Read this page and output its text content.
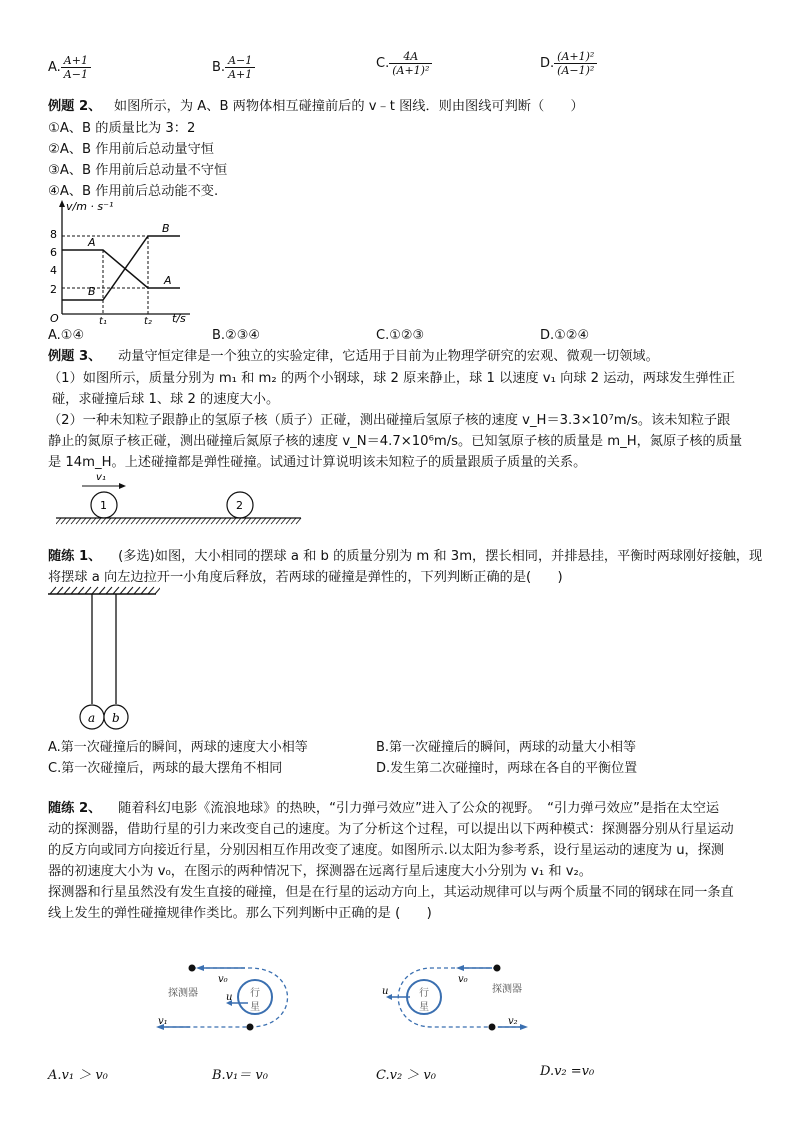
A. $\frac{A+1}{A-1}$	B. $\frac{A-1}{A+1}$	C. $\frac{4A}{\text{(A+1)²}}$	D. $\frac{\text{(A+1)²}}{\text{(A−1)²}}$
例题 2、 如图所示，为 A、B 两物体相互碰撞前后的 v﹣t 图线．则由图线可判断（　　）
①A、B 的质量比为 3：2
②A、B 作用前后总动量守恒
③A、B 作用前后总动量不守恒
④A、B 作用前后总动能不变.
v/m · s⁻¹
t/s
O
8
6
4
2
A
B
B
A
t₁	t₂
A.①④	B.②③④	C.①②③	D.①②④
例题 3、 动量守恒定律是一个独立的实验定律，它适用于目前为止物理学研究的宏观、微观一切领域。
（1）如图所示，质量分别为 m₁ 和 m₂ 的两个小钢球，球 2 原来静止，球 1 以速度 v₁ 向球 2 运动，两球发生弹性正
碰，求碰撞后球 1、球 2 的速度大小。
（2）一种未知粒子跟静止的氢原子核（质子）正碰，测出碰撞后氢原子核的速度 v_H＝3.3×10⁷m/s。该未知粒子跟
静止的氮原子核正碰，测出碰撞后氮原子核的速度 v_N＝4.7×10⁶m/s。已知氢原子核的质量是 m_H，氮原子核的质量
是 14m_H。上述碰撞都是弹性碰撞。试通过计算说明该未知粒子的质量跟质子质量的关系。
v₁
1	2
随练 1、 (多选)如图，大小相同的摆球 a 和 b 的质量分别为 m 和 3m，摆长相同，并排悬挂，平衡时两球刚好接触，现
将摆球 a 向左边拉开一小角度后释放，若两球的碰撞是弹性的，下列判断正确的是(　　)
a b
A.第一次碰撞后的瞬间，两球的速度大小相等	B.第一次碰撞后的瞬间，两球的动量大小相等
C.第一次碰撞后，两球的最大摆角不相同	D.发生第二次碰撞时，两球在各自的平衡位置
随练 2、 随着科幻电影《流浪地球》的热映，“引力弹弓效应”进入了公众的视野。　“引力弹弓效应”是指在太空运
动的探测器，借助行星的引力来改变自己的速度。为了分析这个过程，可以提出以下两种模式：探测器分别从行星运动
的反方向或同方向接近行星，分别因相互作用改变了速度。如图所示.以太阳为参考系，设行星运动的速度为 u，探测
器的初速度大小为 v₀，在图示的两种情况下，探测器在远离行星后速度大小分别为 v₁ 和 v₂。
探测器和行星虽然没有发生直接的碰撞，但是在行星的运动方向上，其运动规律可以与两个质量不同的钢球在同一条直
线上发生的弹性碰撞规律作类比。那么下列判断中正确的是 (　　)
v₀
探测器	行
星
u
v₁
v₀
探测器
行
星
u
v₂
A.v₁ ＞ v₀	B.v₁＝ v₀	C.v₂ ＞ v₀	D.v₂ =v₀
